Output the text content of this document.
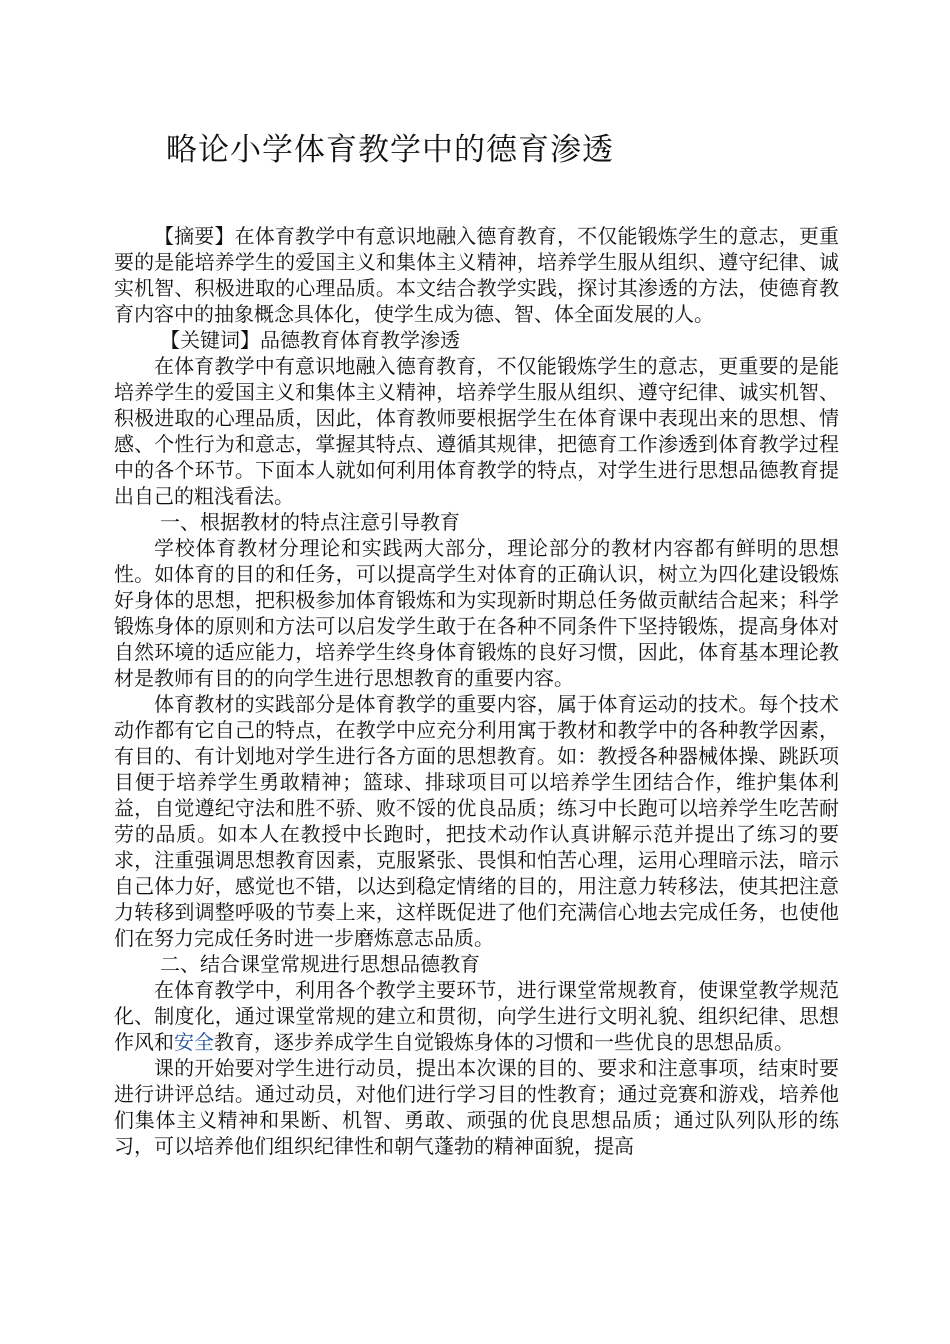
略论小学体育教学中的德育渗透

【摘要】在体育教学中有意识地融入德育教育，不仅能锻炼学生的意志，更重要的是能培养学生的爱国主义和集体主义精神，培养学生服从组织、遵守纪律、诚实机智、积极进取的心理品质。本文结合教学实践，探讨其渗透的方法，使德育教育内容中的抽象概念具体化，使学生成为德、智、体全面发展的人。

【关键词】品德教育体育教学渗透

在体育教学中有意识地融入德育教育，不仅能锻炼学生的意志，更重要的是能培养学生的爱国主义和集体主义精神，培养学生服从组织、遵守纪律、诚实机智、积极进取的心理品质，因此，体育教师要根据学生在体育课中表现出来的思想、情感、个性行为和意志，掌握其特点、遵循其规律，把德育工作渗透到体育教学过程中的各个环节。下面本人就如何利用体育教学的特点，对学生进行思想品德教育提出自己的粗浅看法。

一、根据教材的特点注意引导教育

学校体育教材分理论和实践两大部分，理论部分的教材内容都有鲜明的思想性。如体育的目的和任务，可以提高学生对体育的正确认识，树立为四化建设锻炼好身体的思想，把积极参加体育锻炼和为实现新时期总任务做贡献结合起来；科学锻炼身体的原则和方法可以启发学生敢于在各种不同条件下坚持锻炼，提高身体对自然环境的适应能力，培养学生终身体育锻炼的良好习惯，因此，体育基本理论教材是教师有目的的向学生进行思想教育的重要内容。

体育教材的实践部分是体育教学的重要内容，属于体育运动的技术。每个技术动作都有它自己的特点，在教学中应充分利用寓于教材和教学中的各种教学因素，有目的、有计划地对学生进行各方面的思想教育。如：教授各种器械体操、跳跃项目便于培养学生勇敢精神；篮球、排球项目可以培养学生团结合作，维护集体利益，自觉遵纪守法和胜不骄、败不馁的优良品质；练习中长跑可以培养学生吃苦耐劳的品质。如本人在教授中长跑时，把技术动作认真讲解示范并提出了练习的要求，注重强调思想教育因素，克服紧张、畏惧和怕苦心理，运用心理暗示法，暗示自己体力好，感觉也不错，以达到稳定情绪的目的，用注意力转移法，使其把注意力转移到调整呼吸的节奏上来，这样既促进了他们充满信心地去完成任务，也使他们在努力完成任务时进一步磨炼意志品质。

二、结合课堂常规进行思想品德教育

在体育教学中，利用各个教学主要环节，进行课堂常规教育，使课堂教学规范化、制度化，通过课堂常规的建立和贯彻，向学生进行文明礼貌、组织纪律、思想作风和安全教育，逐步养成学生自觉锻炼身体的习惯和一些优良的思想品质。

课的开始要对学生进行动员，提出本次课的目的、要求和注意事项，结束时要进行讲评总结。通过动员，对他们进行学习目的性教育；通过竞赛和游戏，培养他们集体主义精神和果断、机智、勇敢、顽强的优良思想品质；通过队列队形的练习，可以培养他们组织纪律性和朝气蓬勃的精神面貌，提高
